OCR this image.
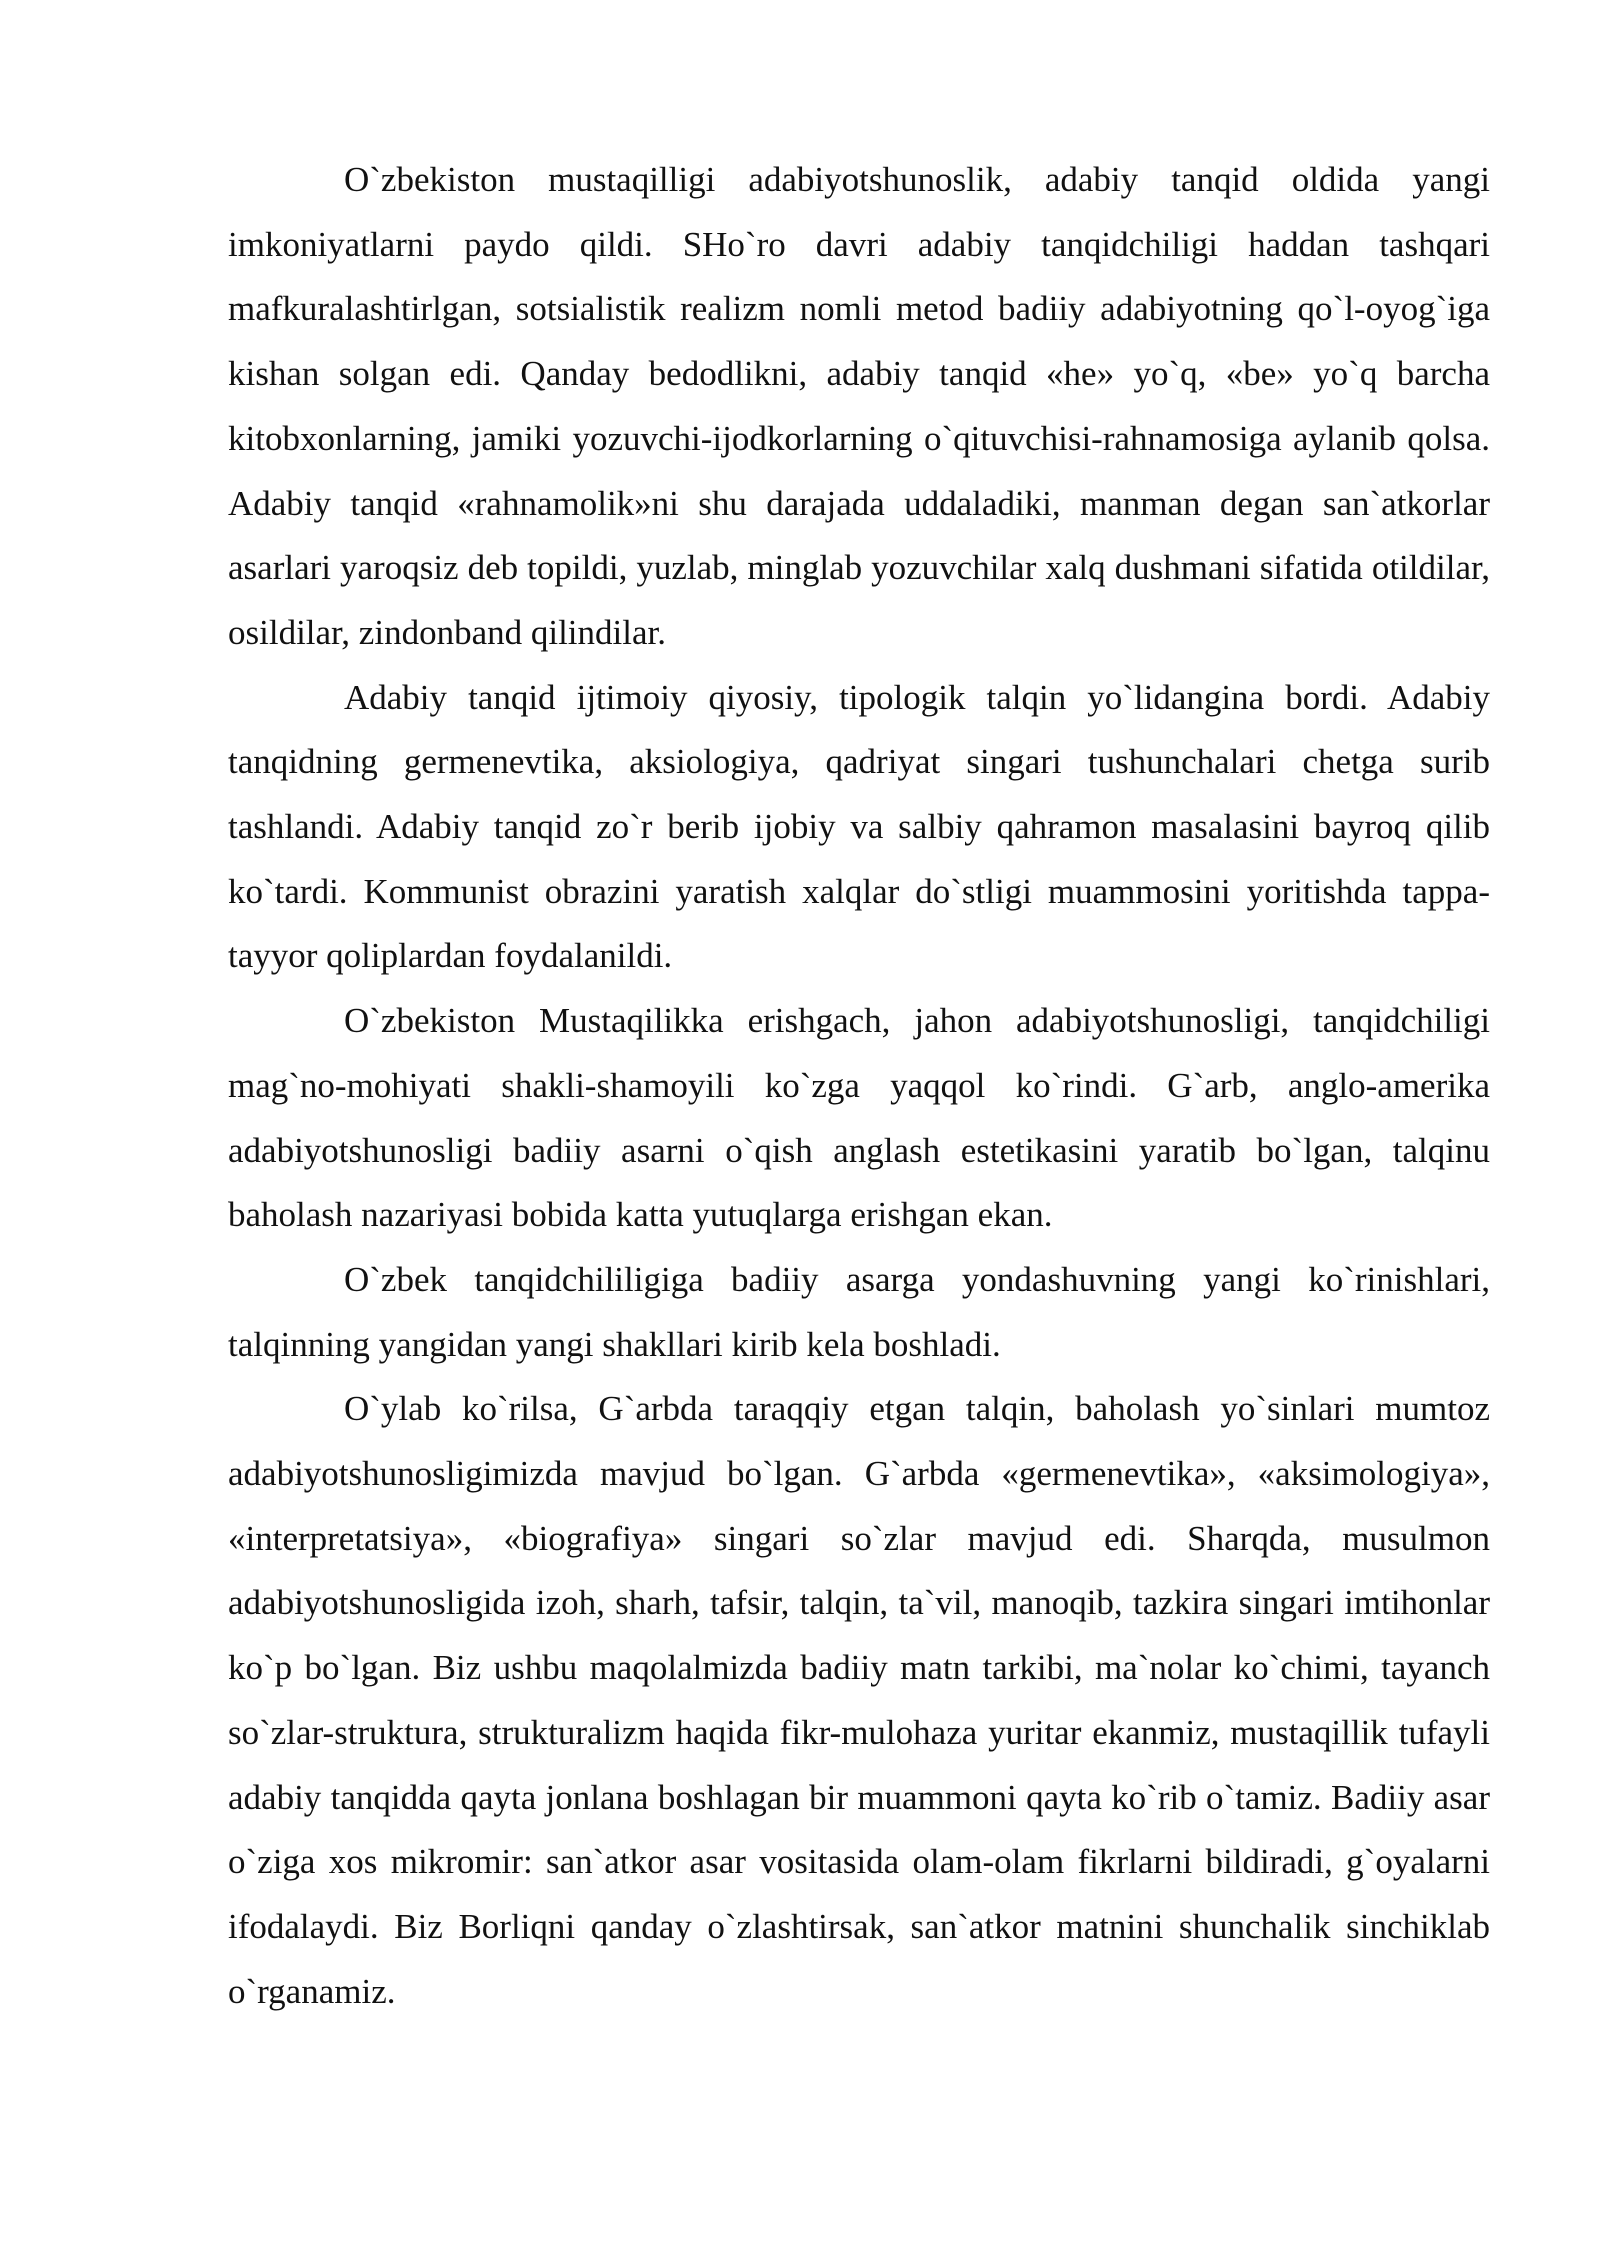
O`zbekiston mustaqilligi adabiyotshunoslik, adabiy tanqid oldida yangi imkoniyatlarni paydo qildi. SHo`ro davri adabiy tanqidchiligi haddan tashqari mafkuralashtirlgan, sotsialistik realizm nomli metod badiiy adabiyotning qo`l-oyog`iga kishan solgan edi. Qanday bedodlikni, adabiy tanqid «he» yo`q, «be» yo`q barcha kitobxonlarning, jamiki yozuvchi-ijodkorlarning o`qituvchisi-rahnamosiga aylanib qolsa. Adabiy tanqid «rahnamolik»ni shu darajada uddaladiki, manman degan san`atkorlar asarlari yaroqsiz deb topildi, yuzlab, minglab yozuvchilar xalq dushmani sifatida otildilar, osildilar, zindonband qilindilar.

Adabiy tanqid ijtimoiy qiyosiy, tipologik talqin yo`lidangina bordi. Adabiy tanqidning germenevtika, aksiologiya, qadriyat singari tushunchalari chetga surib tashlandi. Adabiy tanqid zo`r berib ijobiy va salbiy qahramon masalasini bayroq qilib ko`tardi. Kommunist obrazini yaratish xalqlar do`stligi muammosini yoritishda tappa-tayyor qoliplardan foydalanildi.

O`zbekiston Mustaqilikka erishgach, jahon adabiyotshunosligi, tanqidchiligi mag`no-mohiyati shakli-shamoyili ko`zga yaqqol ko`rindi. G`arb, anglo-amerika adabiyotshunosligi badiiy asarni o`qish anglash estetikasini yaratib bo`lgan, talqinu baholash nazariyasi bobida katta yutuqlarga erishgan ekan.

O`zbek tanqidchililigiga badiiy asarga yondashuvning yangi ko`rinishlari, talqinning yangidan yangi shakllari kirib kela boshladi.

O`ylab ko`rilsa, G`arbda taraqqiy etgan talqin, baholash yo`sinlari mumtoz adabiyotshunosligimizda mavjud bo`lgan. G`arbda «germenevtika», «aksimologiya», «interpretatsiya», «biografiya» singari so`zlar mavjud edi. Sharqda, musulmon adabiyotshunosligida izoh, sharh, tafsir, talqin, ta`vil, manoqib, tazkira singari imtihonlar ko`p bo`lgan. Biz ushbu maqolalmizda badiiy matn tarkibi, ma`nolar ko`chimi, tayanch so`zlar-struktura, strukturalizm haqida fikr-mulohaza yuritar ekanmiz, mustaqillik tufayli adabiy tanqidda qayta jonlana boshlagan bir muammoni qayta ko`rib o`tamiz. Badiiy asar o`ziga xos mikromir: san`atkor asar vositasida olam-olam fikrlarni bildiradi, g`oyalarni ifodalaydi. Biz Borliqni qanday o`zlashtirsak, san`atkor matnini shunchalik sinchiklab o`rganamiz.
